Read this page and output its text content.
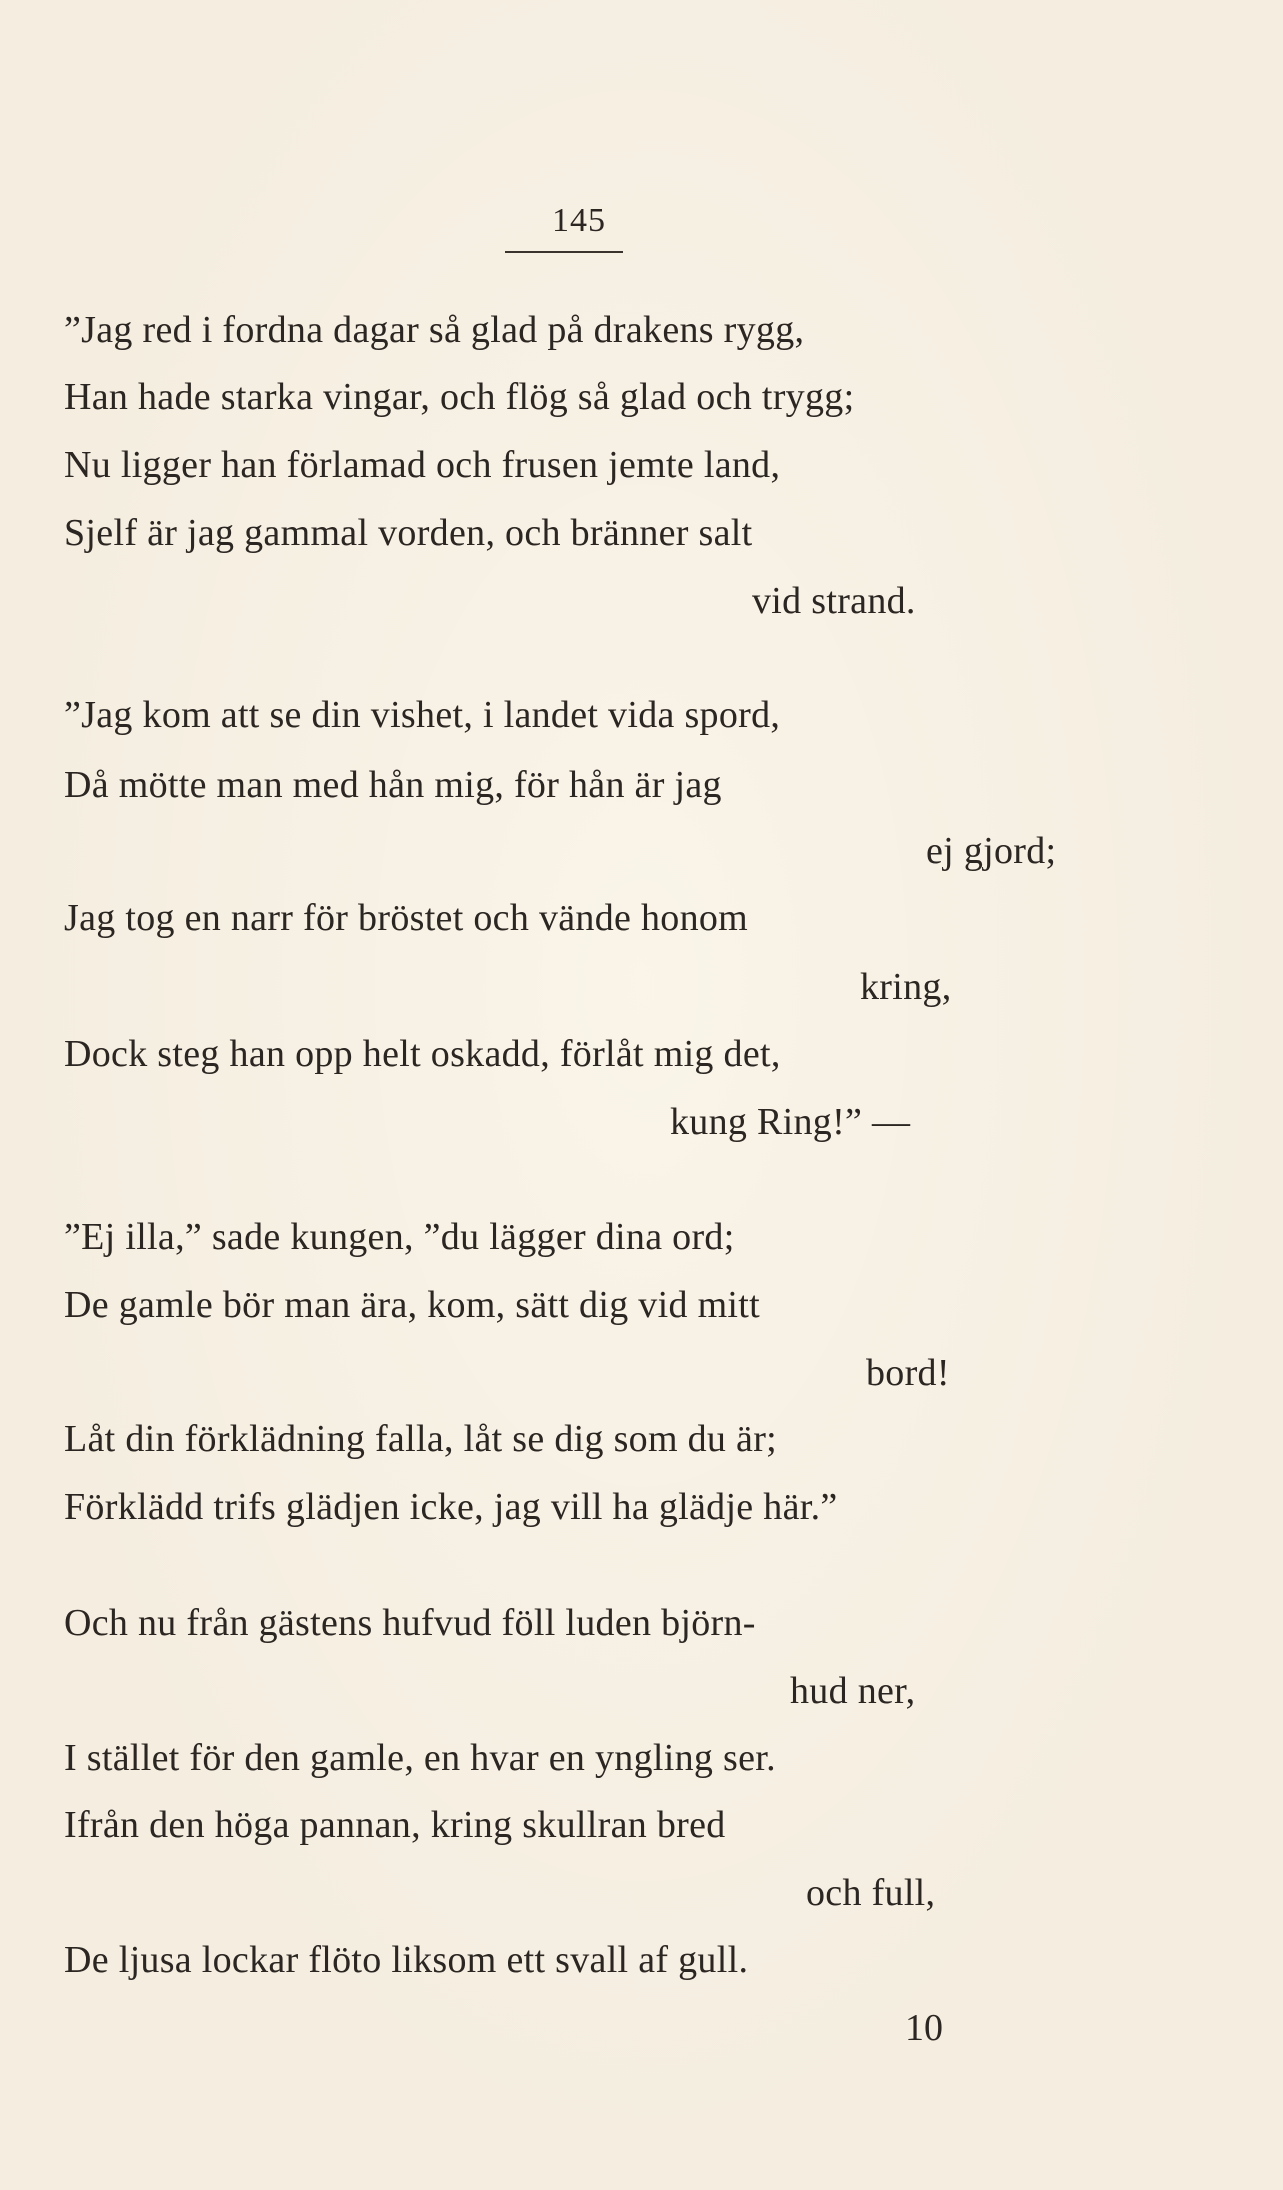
145
”Jag red i fordna dagar så glad på drakens rygg,
Han hade starka vingar, och flög så glad och trygg;
Nu ligger han förlamad och frusen jemte land,
Sjelf är jag gammal vorden, och bränner salt
vid strand.
”Jag kom att se din vishet, i landet vida spord,
Då mötte man med hån mig, för hån är jag
ej gjord;
Jag tog en narr för bröstet och vände honom
kring,
Dock steg han opp helt oskadd, förlåt mig det,
kung Ring!” —
”Ej illa,” sade kungen, ”du lägger dina ord;
De gamle bör man ära, kom, sätt dig vid mitt
bord!
Låt din förklädning falla, låt se dig som du är;
Förklädd trifs glädjen icke, jag vill ha glädje här.”
Och nu från gästens hufvud föll luden björn-
hud ner,
I stället för den gamle, en hvar en yngling ser.
Ifrån den höga pannan, kring skullran bred
och full,
De ljusa lockar flöto liksom ett svall af gull.
10
